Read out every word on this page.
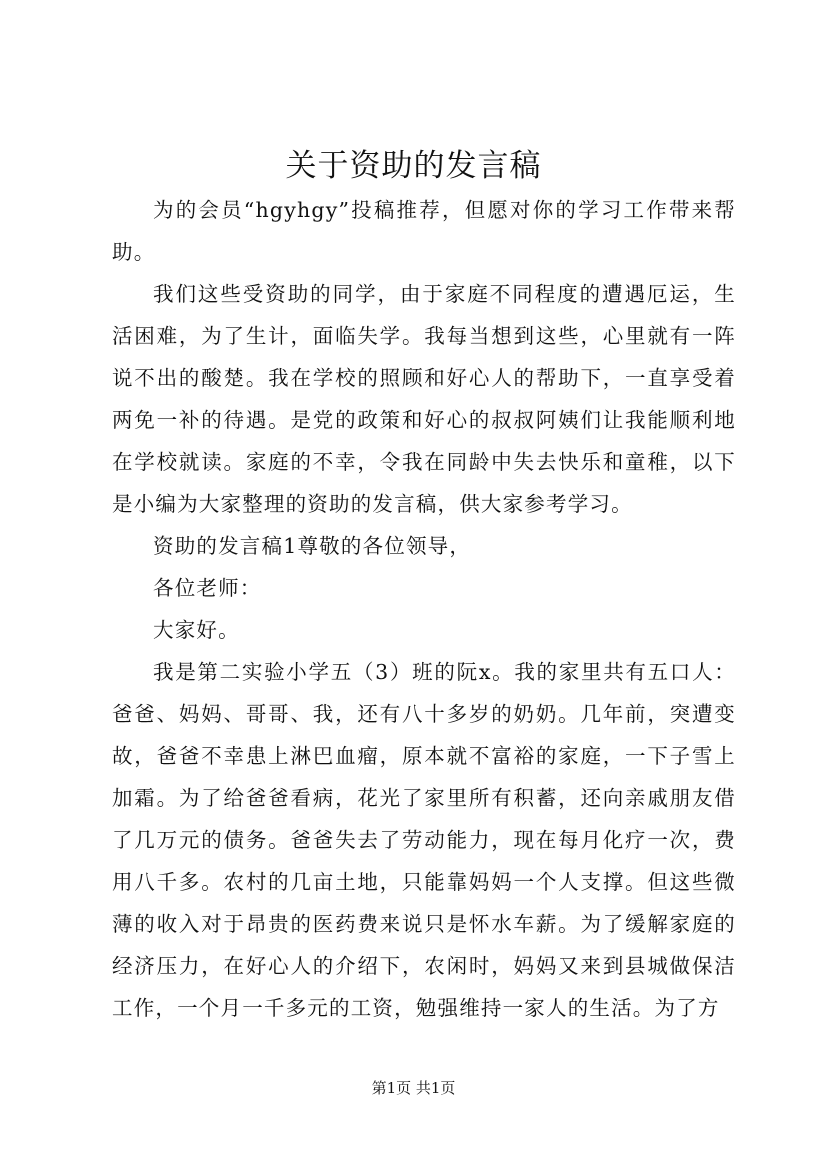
关于资助的发言稿

为的会员“hgyhgy”投稿推荐，但愿对你的学习工作带来帮助。

我们这些受资助的同学，由于家庭不同程度的遭遇厄运，生活困难，为了生计，面临失学。我每当想到这些，心里就有一阵说不出的酸楚。我在学校的照顾和好心人的帮助下，一直享受着两免一补的待遇。是党的政策和好心的叔叔阿姨们让我能顺利地在学校就读。家庭的不幸，令我在同龄中失去快乐和童稚，以下是小编为大家整理的资助的发言稿，供大家参考学习。

资助的发言稿1尊敬的各位领导，

各位老师：

大家好。

我是第二实验小学五（3）班的阮x。我的家里共有五口人：爸爸、妈妈、哥哥、我，还有八十多岁的奶奶。几年前，突遭变故，爸爸不幸患上淋巴血瘤，原本就不富裕的家庭，一下子雪上加霜。为了给爸爸看病，花光了家里所有积蓄，还向亲戚朋友借了几万元的债务。爸爸失去了劳动能力，现在每月化疗一次，费用八千多。农村的几亩土地，只能靠妈妈一个人支撑。但这些微薄的收入对于昂贵的医药费来说只是怀水车薪。为了缓解家庭的经济压力，在好心人的介绍下，农闲时，妈妈又来到县城做保洁工作，一个月一千多元的工资，勉强维持一家人的生活。为了方

第1页 共1页
